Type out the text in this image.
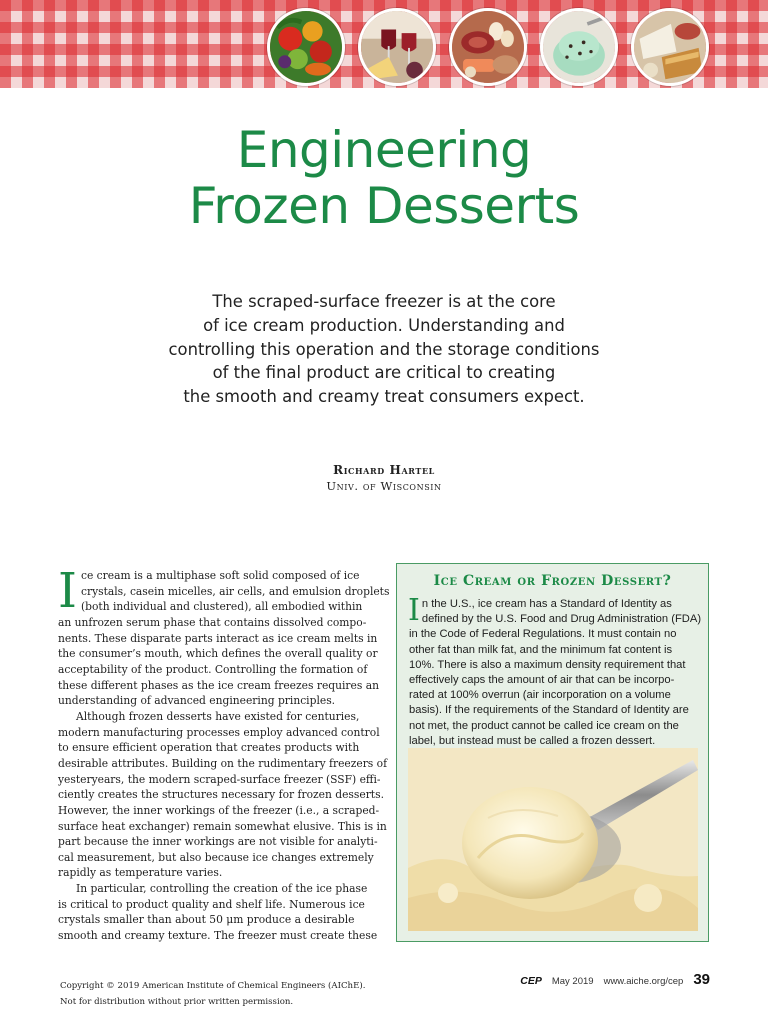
Engineering
Frozen Desserts
The scraped-surface freezer is at the core
of ice cream production. Understanding and
controlling this operation and the storage conditions
of the final product are critical to creating
the smooth and creamy treat consumers expect.
Richard Hartel
Univ. of Wisconsin

I ce cream is a multiphase soft solid composed of ice
crystals, casein micelles, air cells, and emulsion droplets
(both individual and clustered), all embodied within
an unfrozen serum phase that contains dissolved compo-
nents. These disparate parts interact as ice cream melts in
the consumer’s mouth, which defines the overall quality or
acceptability of the product. Controlling the formation of
these different phases as the ice cream freezes requires an
understanding of advanced engineering principles.

Although frozen desserts have existed for centuries,
modern manufacturing processes employ advanced control
to ensure efficient operation that creates products with
desirable attributes. Building on the rudimentary freezers of
yesteryears, the modern scraped-surface freezer (SSF) effi-
ciently creates the structures necessary for frozen desserts.
However, the inner workings of the freezer (i.e., a scraped-
surface heat exchanger) remain somewhat elusive. This is in
part because the inner workings are not visible for analyti-
cal measurement, but also because ice changes extremely
rapidly as temperature varies.

In particular, controlling the creation of the ice phase
is critical to product quality and shelf life. Numerous ice
crystals smaller than about 50 μm produce a desirable
smooth and creamy texture. The freezer must create these

Ice Cream or Frozen Dessert?
I n the U.S., ice cream has a Standard of Identity as
defined by the U.S. Food and Drug Administration (FDA)
in the Code of Federal Regulations. It must contain no
other fat than milk fat, and the minimum fat content is
10%. There is also a maximum density requirement that
effectively caps the amount of air that can be incorpo-
rated at 100% overrun (air incorporation on a volume
basis). If the requirements of the Standard of Identity are
not met, the product cannot be called ice cream on the
label, but instead must be called a frozen dessert.
Copyright © 2019 American Institute of Chemical Engineers (AIChE).
Not for distribution without prior written permission.
CEP May 2019 www.aiche.org/cep 39
